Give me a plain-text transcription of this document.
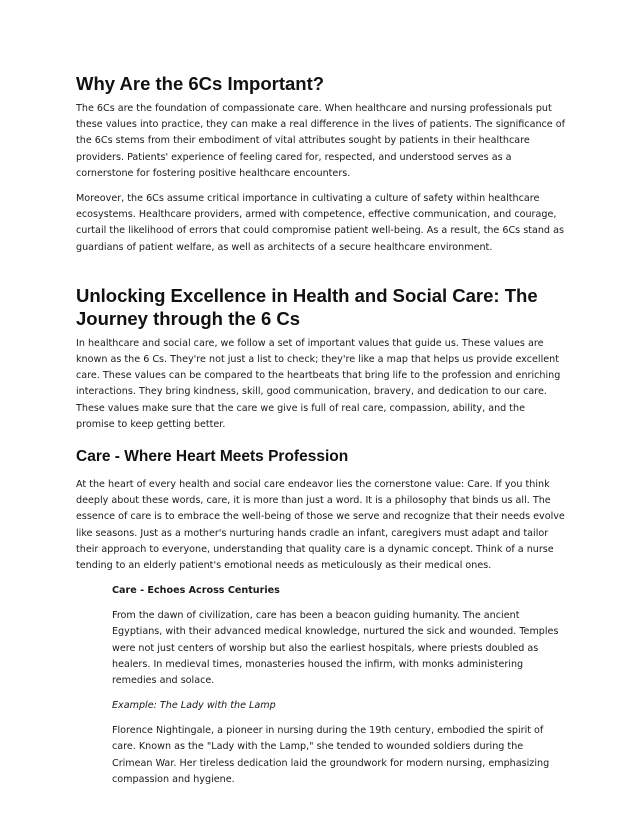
Why Are the 6Cs Important?

The 6Cs are the foundation of compassionate care. When healthcare and nursing professionals put these values into practice, they can make a real difference in the lives of patients. The significance of the 6Cs stems from their embodiment of vital attributes sought by patients in their healthcare providers. Patients' experience of feeling cared for, respected, and understood serves as a cornerstone for fostering positive healthcare encounters.

Moreover, the 6Cs assume critical importance in cultivating a culture of safety within healthcare ecosystems. Healthcare providers, armed with competence, effective communication, and courage, curtail the likelihood of errors that could compromise patient well-being. As a result, the 6Cs stand as guardians of patient welfare, as well as architects of a secure healthcare environment.

Unlocking Excellence in Health and Social Care: The Journey through the 6 Cs

In healthcare and social care, we follow a set of important values that guide us. These values are known as the 6 Cs. They're not just a list to check; they're like a map that helps us provide excellent care. These values can be compared to the heartbeats that bring life to the profession and enriching interactions. They bring kindness, skill, good communication, bravery, and dedication to our care. These values make sure that the care we give is full of real care, compassion, ability, and the promise to keep getting better.

Care - Where Heart Meets Profession

At the heart of every health and social care endeavor lies the cornerstone value: Care. If you think deeply about these words, care, it is more than just a word. It is a philosophy that binds us all. The essence of care is to embrace the well-being of those we serve and recognize that their needs evolve like seasons. Just as a mother's nurturing hands cradle an infant, caregivers must adapt and tailor their approach to everyone, understanding that quality care is a dynamic concept. Think of a nurse tending to an elderly patient's emotional needs as meticulously as their medical ones.

Care - Echoes Across Centuries

From the dawn of civilization, care has been a beacon guiding humanity. The ancient Egyptians, with their advanced medical knowledge, nurtured the sick and wounded. Temples were not just centers of worship but also the earliest hospitals, where priests doubled as healers. In medieval times, monasteries housed the infirm, with monks administering remedies and solace.

Example: The Lady with the Lamp

Florence Nightingale, a pioneer in nursing during the 19th century, embodied the spirit of care. Known as the "Lady with the Lamp," she tended to wounded soldiers during the Crimean War. Her tireless dedication laid the groundwork for modern nursing, emphasizing compassion and hygiene.
